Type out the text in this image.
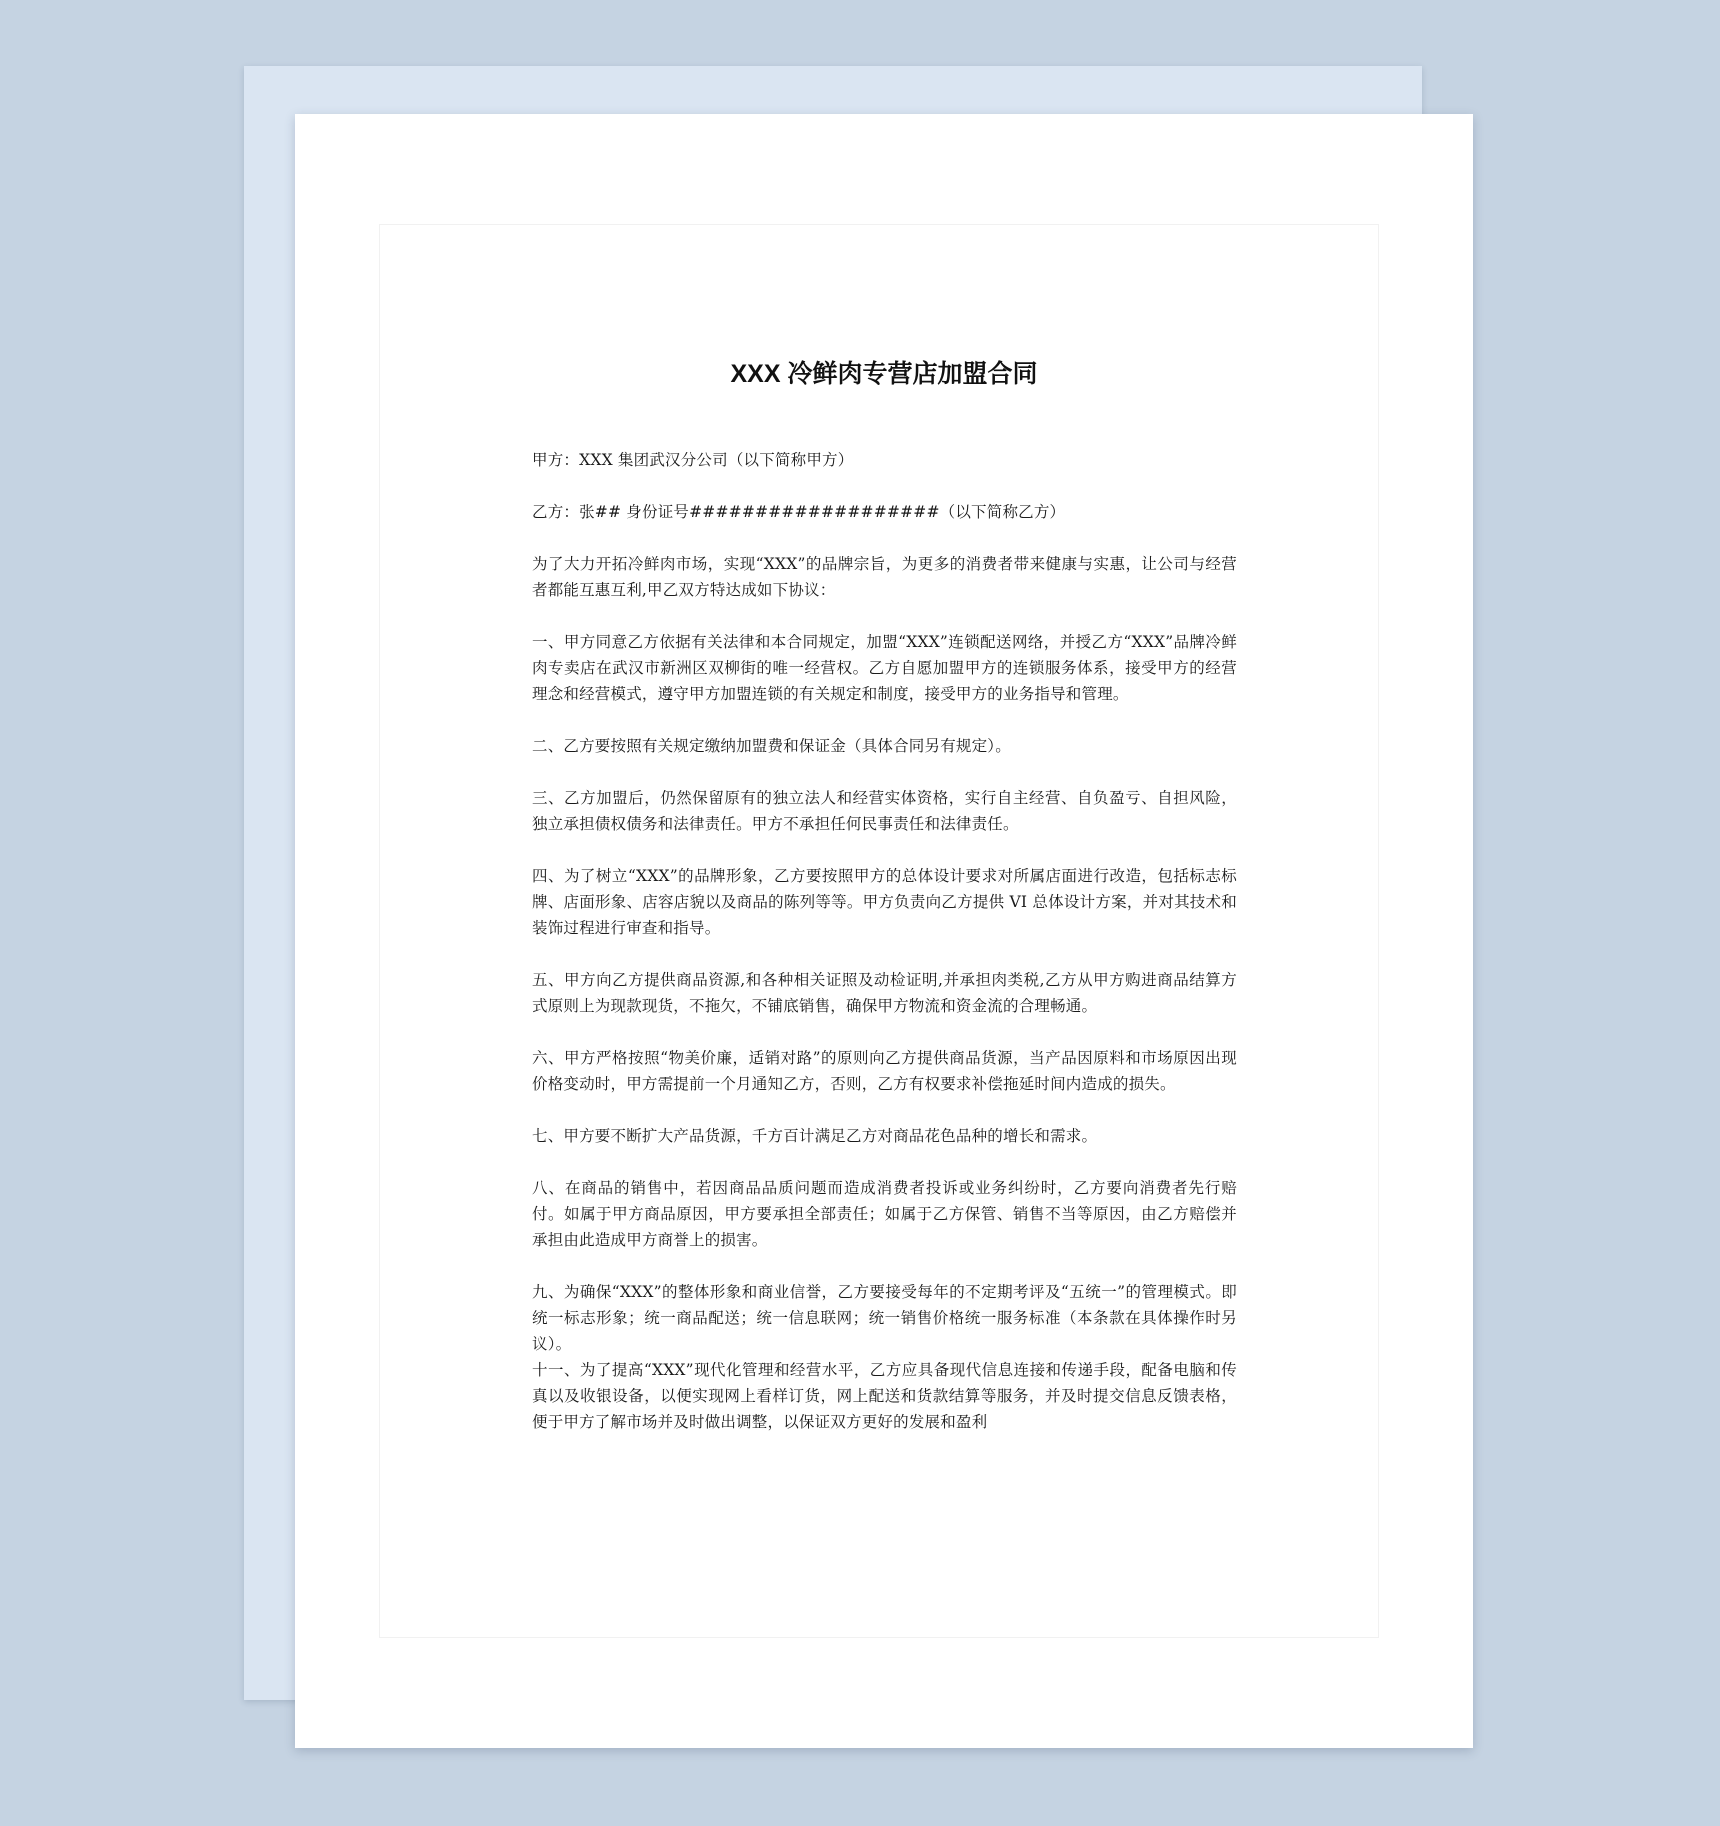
XXX 冷鲜肉专营店加盟合同

甲方：XXX 集团武汉分公司（以下简称甲方）

乙方：张## 身份证号###################（以下简称乙方）

为了大力开拓冷鲜肉市场，实现“XXX”的品牌宗旨，为更多的消费者带来健康与实惠，让公司与经营者都能互惠互利,甲乙双方特达成如下协议：

一、甲方同意乙方依据有关法律和本合同规定，加盟“XXX”连锁配送网络，并授乙方“XXX”品牌冷鲜肉专卖店在武汉市新洲区双柳街的唯一经营权。乙方自愿加盟甲方的连锁服务体系，接受甲方的经营理念和经营模式，遵守甲方加盟连锁的有关规定和制度，接受甲方的业务指导和管理。

二、乙方要按照有关规定缴纳加盟费和保证金（具体合同另有规定）。

三、乙方加盟后，仍然保留原有的独立法人和经营实体资格，实行自主经营、自负盈亏、自担风险，独立承担债权债务和法律责任。甲方不承担任何民事责任和法律责任。

四、为了树立“XXX”的品牌形象，乙方要按照甲方的总体设计要求对所属店面进行改造，包括标志标牌、店面形象、店容店貌以及商品的陈列等等。甲方负责向乙方提供 VI 总体设计方案，并对其技术和装饰过程进行审查和指导。

五、甲方向乙方提供商品资源,和各种相关证照及动检证明,并承担肉类税,乙方从甲方购进商品结算方式原则上为现款现货，不拖欠，不铺底销售，确保甲方物流和资金流的合理畅通。

六、甲方严格按照“物美价廉，适销对路”的原则向乙方提供商品货源，当产品因原料和市场原因出现价格变动时，甲方需提前一个月通知乙方，否则，乙方有权要求补偿拖延时间内造成的损失。

七、甲方要不断扩大产品货源，千方百计满足乙方对商品花色品种的增长和需求。

八、在商品的销售中，若因商品品质问题而造成消费者投诉或业务纠纷时，乙方要向消费者先行赔付。如属于甲方商品原因，甲方要承担全部责任；如属于乙方保管、销售不当等原因，由乙方赔偿并承担由此造成甲方商誉上的损害。

九、为确保“XXX”的整体形象和商业信誉，乙方要接受每年的不定期考评及“五统一”的管理模式。即统一标志形象；统一商品配送；统一信息联网；统一销售价格统一服务标准（本条款在具体操作时另议）。

十一、为了提高“XXX”现代化管理和经营水平，乙方应具备现代信息连接和传递手段，配备电脑和传真以及收银设备，以便实现网上看样订货，网上配送和货款结算等服务，并及时提交信息反馈表格，便于甲方了解市场并及时做出调整，以保证双方更好的发展和盈利
